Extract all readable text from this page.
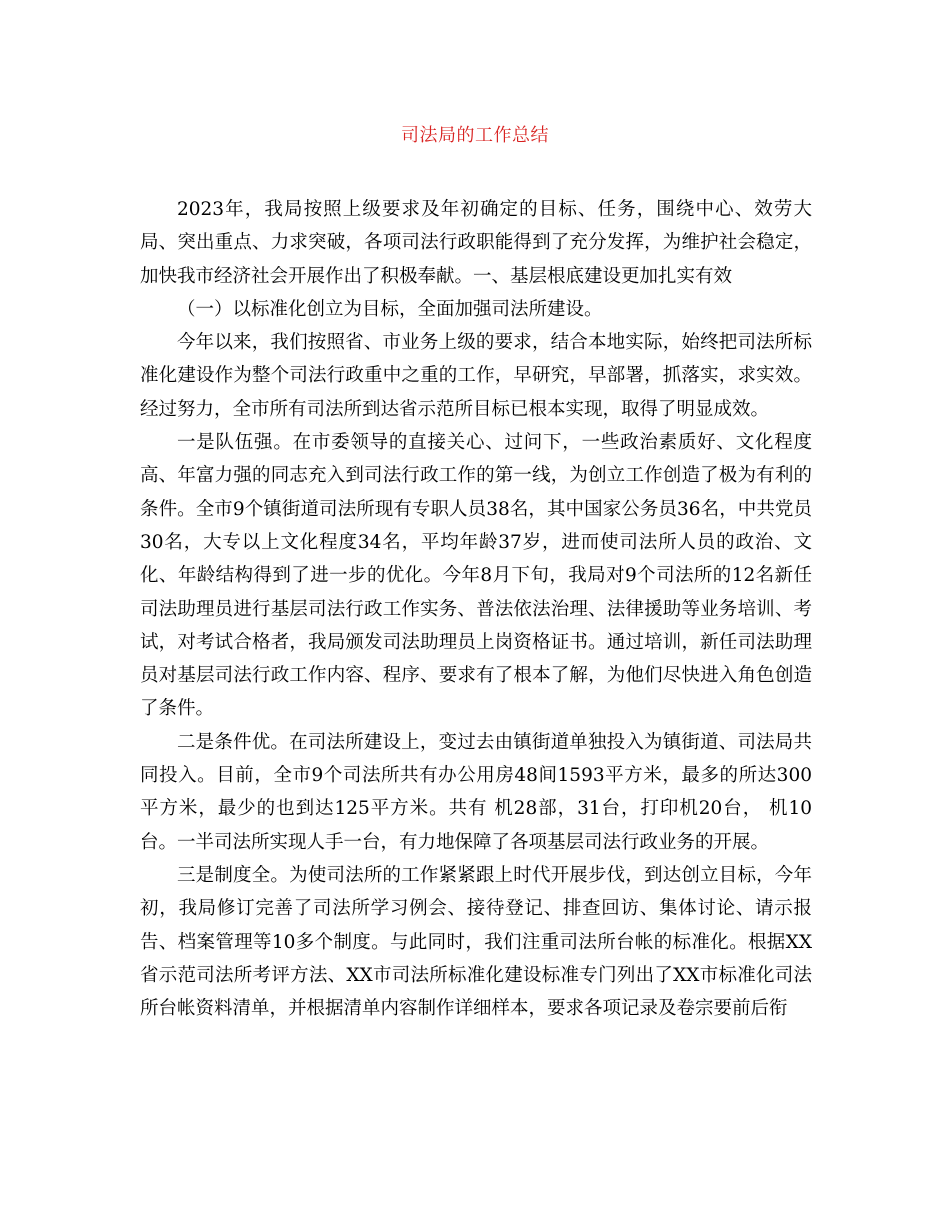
司法局的工作总结

2023年，我局按照上级要求及年初确定的目标、任务，围绕中心、效劳大局、突出重点、力求突破，各项司法行政职能得到了充分发挥，为维护社会稳定，加快我市经济社会开展作出了积极奉献。一、基层根底建设更加扎实有效

（一）以标准化创立为目标，全面加强司法所建设。

今年以来，我们按照省、市业务上级的要求，结合本地实际，始终把司法所标准化建设作为整个司法行政重中之重的工作，早研究，早部署，抓落实，求实效。经过努力，全市所有司法所到达省示范所目标已根本实现，取得了明显成效。

一是队伍强。在市委领导的直接关心、过问下，一些政治素质好、文化程度高、年富力强的同志充入到司法行政工作的第一线，为创立工作创造了极为有利的条件。全市9个镇街道司法所现有专职人员38名，其中国家公务员36名，中共党员30名，大专以上文化程度34名，平均年龄37岁，进而使司法所人员的政治、文化、年龄结构得到了进一步的优化。今年8月下旬，我局对9个司法所的12名新任司法助理员进行基层司法行政工作实务、普法依法治理、法律援助等业务培训、考试，对考试合格者，我局颁发司法助理员上岗资格证书。通过培训，新任司法助理员对基层司法行政工作内容、程序、要求有了根本了解，为他们尽快进入角色创造了条件。

二是条件优。在司法所建设上，变过去由镇街道单独投入为镇街道、司法局共同投入。目前，全市9个司法所共有办公用房48间1593平方米，最多的所达300平方米，最少的也到达125平方米。共有 机28部，31台，打印机20台， 机10台。一半司法所实现人手一台，有力地保障了各项基层司法行政业务的开展。

三是制度全。为使司法所的工作紧紧跟上时代开展步伐，到达创立目标，今年初，我局修订完善了司法所学习例会、接待登记、排查回访、集体讨论、请示报告、档案管理等10多个制度。与此同时，我们注重司法所台帐的标准化。根据XX省示范司法所考评方法、XX市司法所标准化建设标准专门列出了XX市标准化司法所台帐资料清单，并根据清单内容制作详细样本，要求各项记录及卷宗要前后衔
